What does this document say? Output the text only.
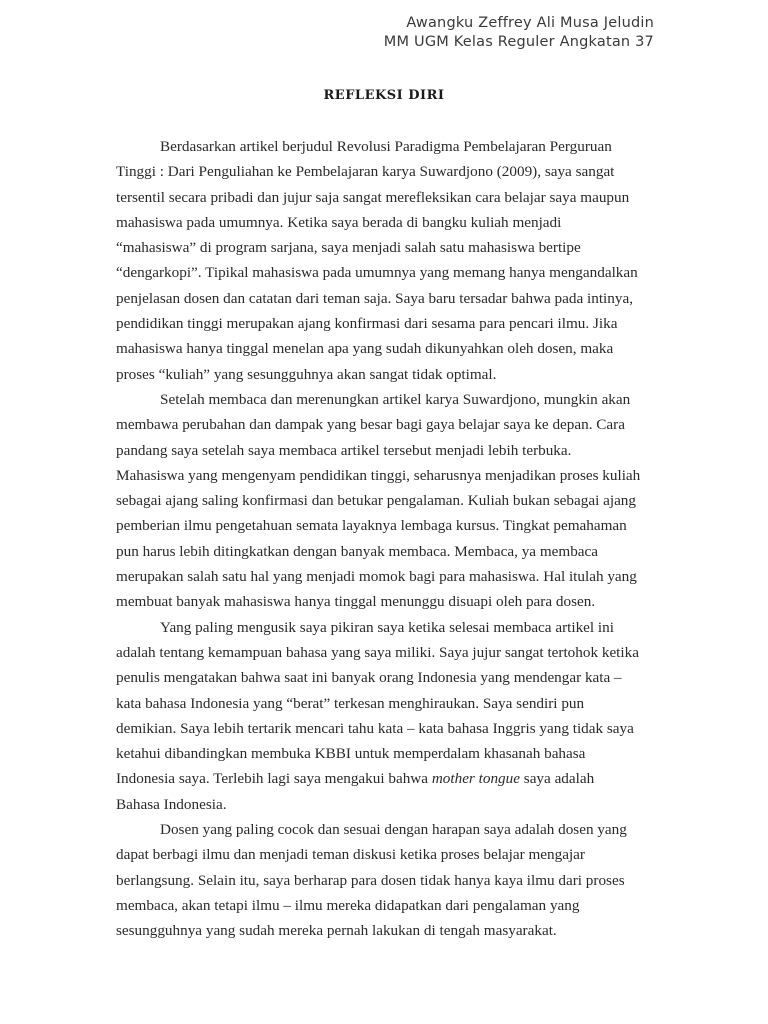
Awangku Zeffrey Ali Musa Jeludin
MM UGM Kelas Reguler Angkatan 37
REFLEKSI DIRI

Berdasarkan artikel berjudul Revolusi Paradigma Pembelajaran Perguruan
Tinggi : Dari Penguliahan ke Pembelajaran karya Suwardjono (2009), saya sangat
tersentil secara pribadi dan jujur saja sangat merefleksikan cara belajar saya maupun
mahasiswa pada umumnya. Ketika saya berada di bangku kuliah menjadi
“mahasiswa” di program sarjana, saya menjadi salah satu mahasiswa bertipe
“dengarkopi”. Tipikal mahasiswa pada umumnya yang memang hanya mengandalkan
penjelasan dosen dan catatan dari teman saja. Saya baru tersadar bahwa pada intinya,
pendidikan tinggi merupakan ajang konfirmasi dari sesama para pencari ilmu. Jika
mahasiswa hanya tinggal menelan apa yang sudah dikunyahkan oleh dosen, maka
proses “kuliah” yang sesungguhnya akan sangat tidak optimal.

Setelah membaca dan merenungkan artikel karya Suwardjono, mungkin akan
membawa perubahan dan dampak yang besar bagi gaya belajar saya ke depan. Cara
pandang saya setelah saya membaca artikel tersebut menjadi lebih terbuka.
Mahasiswa yang mengenyam pendidikan tinggi, seharusnya menjadikan proses kuliah
sebagai ajang saling konfirmasi dan betukar pengalaman. Kuliah bukan sebagai ajang
pemberian ilmu pengetahuan semata layaknya lembaga kursus. Tingkat pemahaman
pun harus lebih ditingkatkan dengan banyak membaca. Membaca, ya membaca
merupakan salah satu hal yang menjadi momok bagi para mahasiswa. Hal itulah yang
membuat banyak mahasiswa hanya tinggal menunggu disuapi oleh para dosen.

Yang paling mengusik saya pikiran saya ketika selesai membaca artikel ini
adalah tentang kemampuan bahasa yang saya miliki. Saya jujur sangat tertohok ketika
penulis mengatakan bahwa saat ini banyak orang Indonesia yang mendengar kata –
kata bahasa Indonesia yang “berat” terkesan menghiraukan. Saya sendiri pun
demikian. Saya lebih tertarik mencari tahu kata – kata bahasa Inggris yang tidak saya
ketahui dibandingkan membuka KBBI untuk memperdalam khasanah bahasa
Indonesia saya. Terlebih lagi saya mengakui bahwa mother tongue saya adalah
Bahasa Indonesia.

Dosen yang paling cocok dan sesuai dengan harapan saya adalah dosen yang
dapat berbagi ilmu dan menjadi teman diskusi ketika proses belajar mengajar
berlangsung. Selain itu, saya berharap para dosen tidak hanya kaya ilmu dari proses
membaca, akan tetapi ilmu – ilmu mereka didapatkan dari pengalaman yang
sesungguhnya yang sudah mereka pernah lakukan di tengah masyarakat.
